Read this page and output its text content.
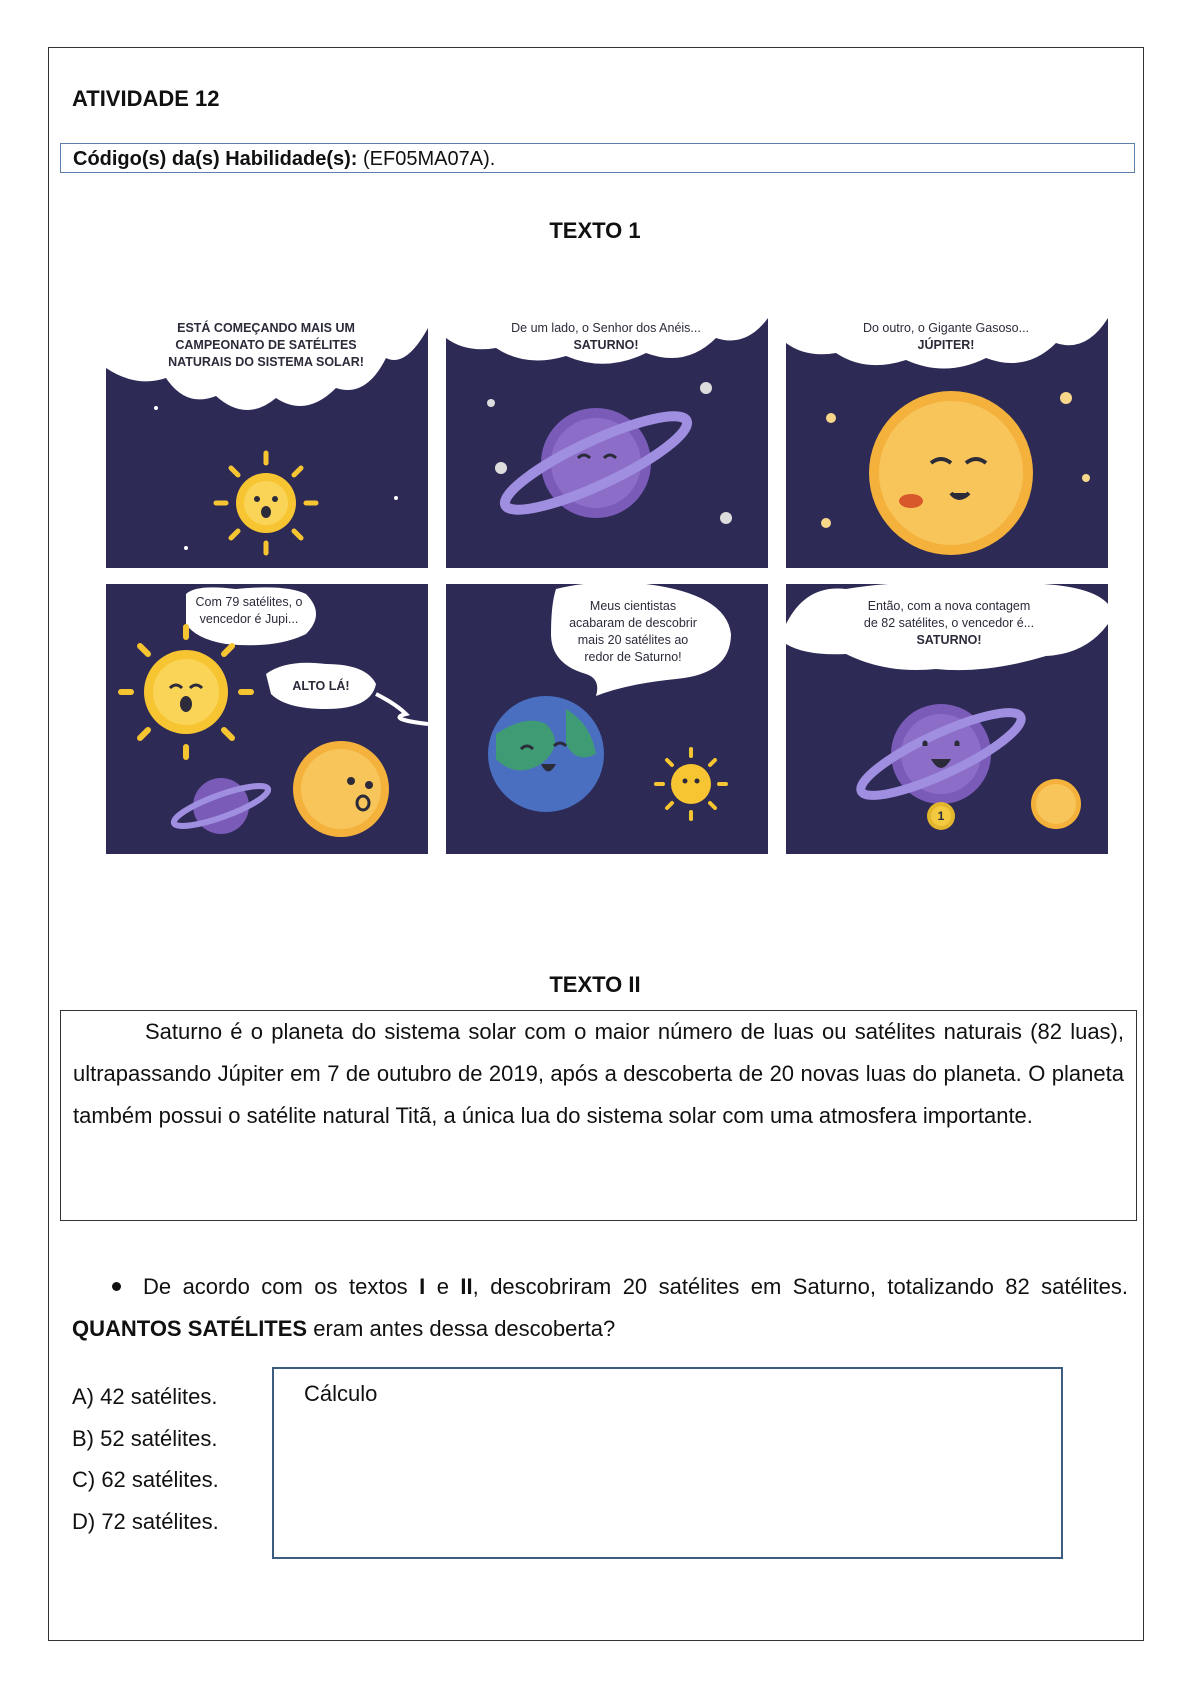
ATIVIDADE 12
Código(s) da(s) Habilidade(s): (EF05MA07A).
TEXTO 1
ESTÁ COMEÇANDO MAIS UM
CAMPEONATO DE SATÉLITES
NATURAIS DO SISTEMA SOLAR!
De um lado, o Senhor dos Anéis...
SATURNO!
Do outro, o Gigante Gasoso...
JÚPITER!
Com 79 satélites, o
vencedor é Jupi...
ALTO LÁ!
Meus cientistas
acabaram de descobrir
mais 20 satélites ao
redor de Saturno!
Então, com a nova contagem
de 82 satélites, o vencedor é...
SATURNO!
1
TEXTO II

Saturno é o planeta do sistema solar com o maior número de luas ou satélites naturais (82 luas), ultrapassando Júpiter em 7 de outubro de 2019, após a descoberta de 20 novas luas do planeta. O planeta também possui o satélite natural Titã, a única lua do sistema solar com uma atmosfera importante.

De acordo com os textos I e II, descobriram 20 satélites em Saturno, totalizando 82 satélites. QUANTOS SATÉLITES eram antes dessa descoberta?
A) 42 satélites.
B) 52 satélites.
C) 62 satélites.
D) 72 satélites.
Cálculo
